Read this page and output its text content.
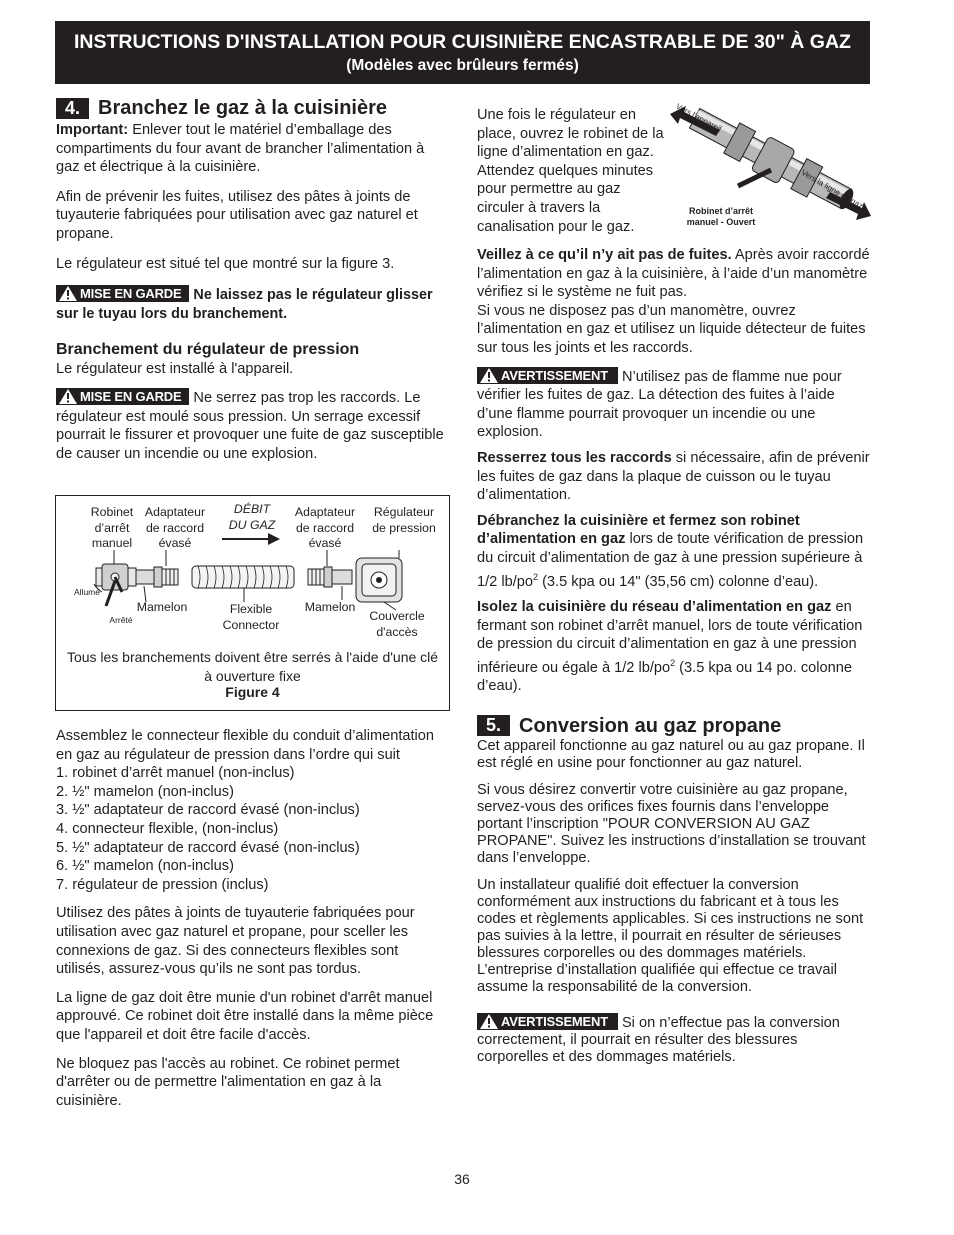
INSTRUCTIONS D'INSTALLATION POUR CUISINIÈRE ENCASTRABLE DE 30" À GAZ
(Modèles avec brûleurs fermés)
4. Branchez le gaz à la cuisinière

Important: Enlever tout le matériel d’emballage des compartiments du four avant de brancher l’alimentation à gaz et électrique à la cuisinière.

Afin de prévenir les fuites, utilisez des pâtes à joints de tuyauterie fabriquées pour utilisation avec gaz naturel et propane.

Le régulateur est situé tel que montré sur la figure 3.

MISE EN GARDE Ne laissez pas le régulateur glisser sur le tuyau lors du branchement.

Branchement du régulateur de pression

Le régulateur est installé à l'appareil.

MISE EN GARDE Ne serrez pas trop les raccords. Le régulateur est moulé sous pression. Un serrage excessif pourrait le fissurer et provoquer une fuite de gaz susceptible de causer un incendie ou une explosion.

Robinet
d’arrêt
manuel
Adaptateur
de raccord
évasé
DÉBIT
DU GAZ
Adaptateur
de raccord
évasé
Régulateur
de pression
Allumé
Arrêté
Mamelon	Flexible
Connector
Mamelon
Couvercle
d'accès
Tous les branchements doivent être serrés à l'aide d'une clé à ouverture fixe
Figure 4

Assemblez le connecteur flexible du conduit d’alimentation en gaz au régulateur de pression dans l’ordre qui suit

1. robinet d’arrêt manuel (non-inclus)
2. ½" mamelon (non-inclus)
3. ½" adaptateur de raccord évasé (non-inclus)
4. connecteur flexible, (non-inclus)
5. ½" adaptateur de raccord évasé (non-inclus)
6. ½" mamelon (non-inclus)
7. régulateur de pression (inclus)

Utilisez des pâtes à joints de tuyauterie fabriquées pour utilisation avec gaz naturel et propane, pour sceller les connexions de gaz. Si des connecteurs flexibles sont utilisés, assurez-vous qu’ils ne sont pas tordus.

La ligne de gaz doit être munie d'un robinet d'arrêt manuel approuvé. Ce robinet doit être installé dans la même pièce que l'appareil et doit être facile d'accès.

Ne bloquez pas l'accès au robinet. Ce robinet permet d'arrêter ou de permettre l'alimentation en gaz à la cuisinière.

Une fois le régulateur en place, ouvrez le robinet de la ligne d’alimentation en gaz. Attendez quelques minutes pour permettre au gaz circuler à travers la canalisation pour le gaz.
Vers l’appareil
Vers la ligne de gaz
Robinet d’arrêt
manuel - Ouvert

Veillez à ce qu’il n’y ait pas de fuites. Après avoir raccordé l’alimentation en gaz à la cuisinière, à l’aide d’un manomètre vérifiez si le système ne fuit pas.

Si vous ne disposez pas d’un manomètre, ouvrez l’alimentation en gaz et utilisez un liquide détecteur de fuites sur tous les joints et les raccords.

AVERTISSEMENT N’utilisez pas de flamme nue pour vérifier les fuites de gaz. La détection des fuites à l’aide d’une flamme pourrait provoquer un incendie ou une explosion.

Resserrez tous les raccords si nécessaire, afin de prévenir les fuites de gaz dans la plaque de cuisson ou le tuyau d’alimentation.

Débranchez la cuisinière et fermez son robinet d’alimentation en gaz lors de toute vérification de pression du circuit d’alimentation de gaz à une pression supérieure à 1/2 $lb/po^2$ (3.5 kpa ou 14" (35,56 cm) colonne d’eau).

Isolez la cuisinière du réseau d’alimentation en gaz en fermant son robinet d’arrêt manuel, lors de toute vérification de pression du circuit d’alimentation en gaz à une pression inférieure ou égale à 1/2 $lb/po^2$ (3.5 kpa ou 14 po. colonne d’eau).

5. Conversion au gaz propane

Cet appareil fonctionne au gaz naturel ou au gaz propane. Il est réglé en usine pour fonctionner au gaz naturel.

Si vous désirez convertir votre cuisinière au gaz propane, servez-vous des orifices fixes fournis dans l’enveloppe portant l’inscription "POUR CONVERSION AU GAZ PROPANE". Suivez les instructions d’installation se trouvant dans l’enveloppe.

Un installateur qualifié doit effectuer la conversion conformément aux instructions du fabricant et à tous les codes et règlements applicables. Si ces instructions ne sont pas suivies à la lettre, il pourrait en résulter de sérieuses blessures corporelles ou des dommages matériels. L’entreprise d’installation qualifiée qui effectue ce travail assume la responsabilité de la conversion.

AVERTISSEMENT Si on n’effectue pas la conversion correctement, il pourrait en résulter des blessures corporelles et des dommages matériels.

36
